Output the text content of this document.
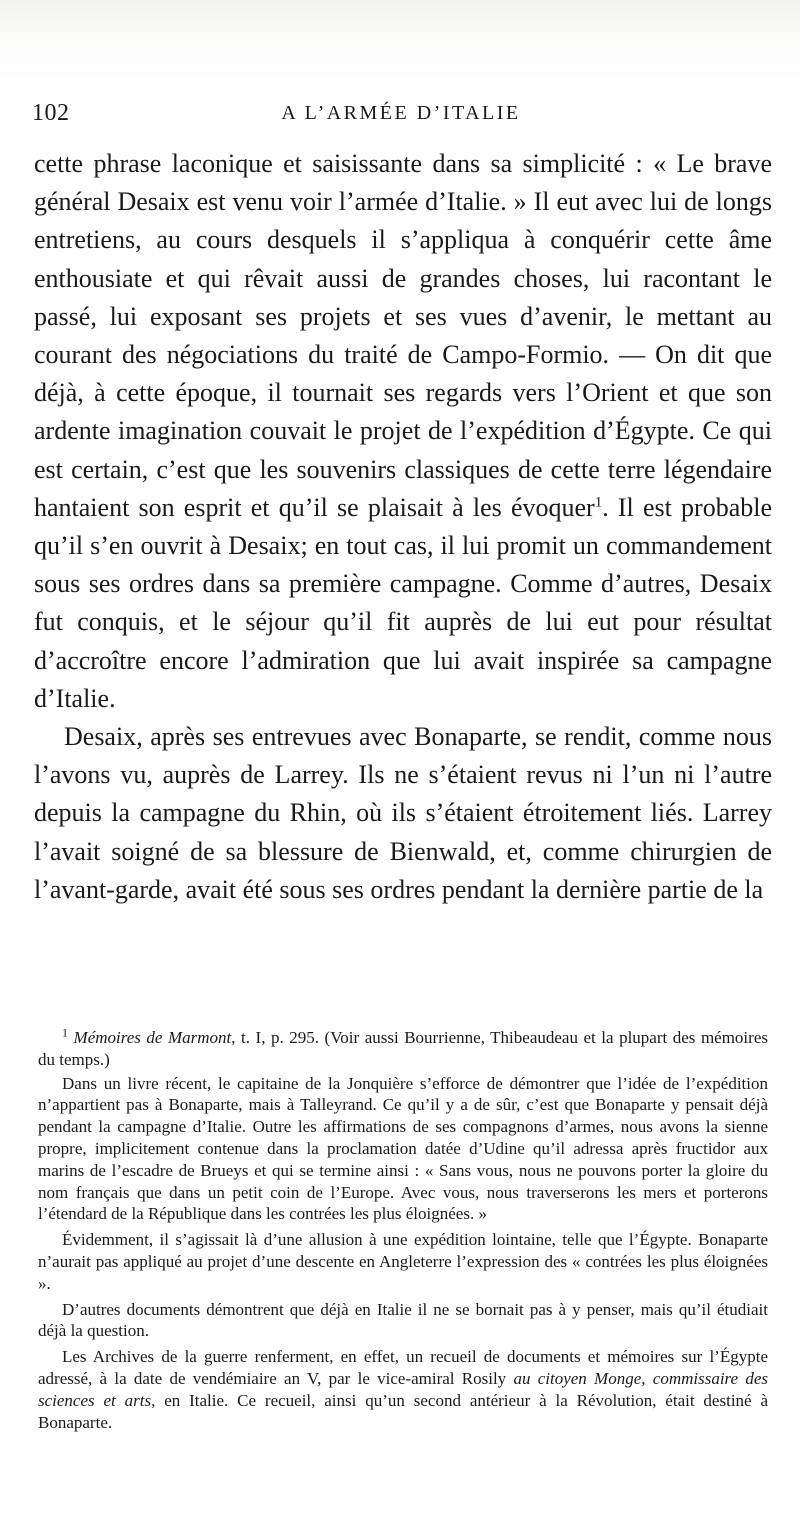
102	A L’ARMÉE D’ITALIE

cette phrase laconique et saisissante dans sa simplicité : « Le brave général Desaix est venu voir l’armée d’Italie. » Il eut avec lui de longs entretiens, au cours desquels il s’appliqua à conquérir cette âme enthousiate et qui rêvait aussi de grandes choses, lui racontant le passé, lui exposant ses projets et ses vues d’avenir, le mettant au courant des négociations du traité de Campo-Formio. — On dit que déjà, à cette époque, il tournait ses regards vers l’Orient et que son ardente imagination couvait le projet de l’expédition d’Égypte. Ce qui est certain, c’est que les souvenirs classiques de cette terre légendaire hantaient son esprit et qu’il se plaisait à les évoquer$^1$. Il est probable qu’il s’en ouvrit à Desaix; en tout cas, il lui promit un commandement sous ses ordres dans sa première campagne. Comme d’autres, Desaix fut conquis, et le séjour qu’il fit auprès de lui eut pour résultat d’accroître encore l’admiration que lui avait inspirée sa campagne d’Italie.

Desaix, après ses entrevues avec Bonaparte, se rendit, comme nous l’avons vu, auprès de Larrey. Ils ne s’étaient revus ni l’un ni l’autre depuis la campagne du Rhin, où ils s’étaient étroitement liés. Larrey l’avait soigné de sa blessure de Bienwald, et, comme chirurgien de l’avant-garde, avait été sous ses ordres pendant la dernière partie de la

$^1$ Mémoires de Marmont, t. I, p. 295. (Voir aussi Bourrienne, Thibeaudeau et la plupart des mémoires du temps.)

Dans un livre récent, le capitaine de la Jonquière s’efforce de démontrer que l’idée de l’expédition n’appartient pas à Bonaparte, mais à Talleyrand. Ce qu’il y a de sûr, c’est que Bonaparte y pensait déjà pendant la campagne d’Italie. Outre les affirmations de ses compagnons d’armes, nous avons la sienne propre, implicitement contenue dans la proclamation datée d’Udine qu’il adressa après fructidor aux marins de l’escadre de Brueys et qui se termine ainsi : « Sans vous, nous ne pouvons porter la gloire du nom français que dans un petit coin de l’Europe. Avec vous, nous traverserons les mers et porterons l’étendard de la République dans les contrées les plus éloignées. »

Évidemment, il s’agissait là d’une allusion à une expédition lointaine, telle que l’Égypte. Bonaparte n’aurait pas appliqué au projet d’une descente en Angleterre l’expression des « contrées les plus éloignées ».

D’autres documents démontrent que déjà en Italie il ne se bornait pas à y penser, mais qu’il étudiait déjà la question.

Les Archives de la guerre renferment, en effet, un recueil de documents et mémoires sur l’Égypte adressé, à la date de vendémiaire an V, par le vice-amiral Rosily au citoyen Monge, commissaire des sciences et arts, en Italie. Ce recueil, ainsi qu’un second antérieur à la Révolution, était destiné à Bonaparte.
